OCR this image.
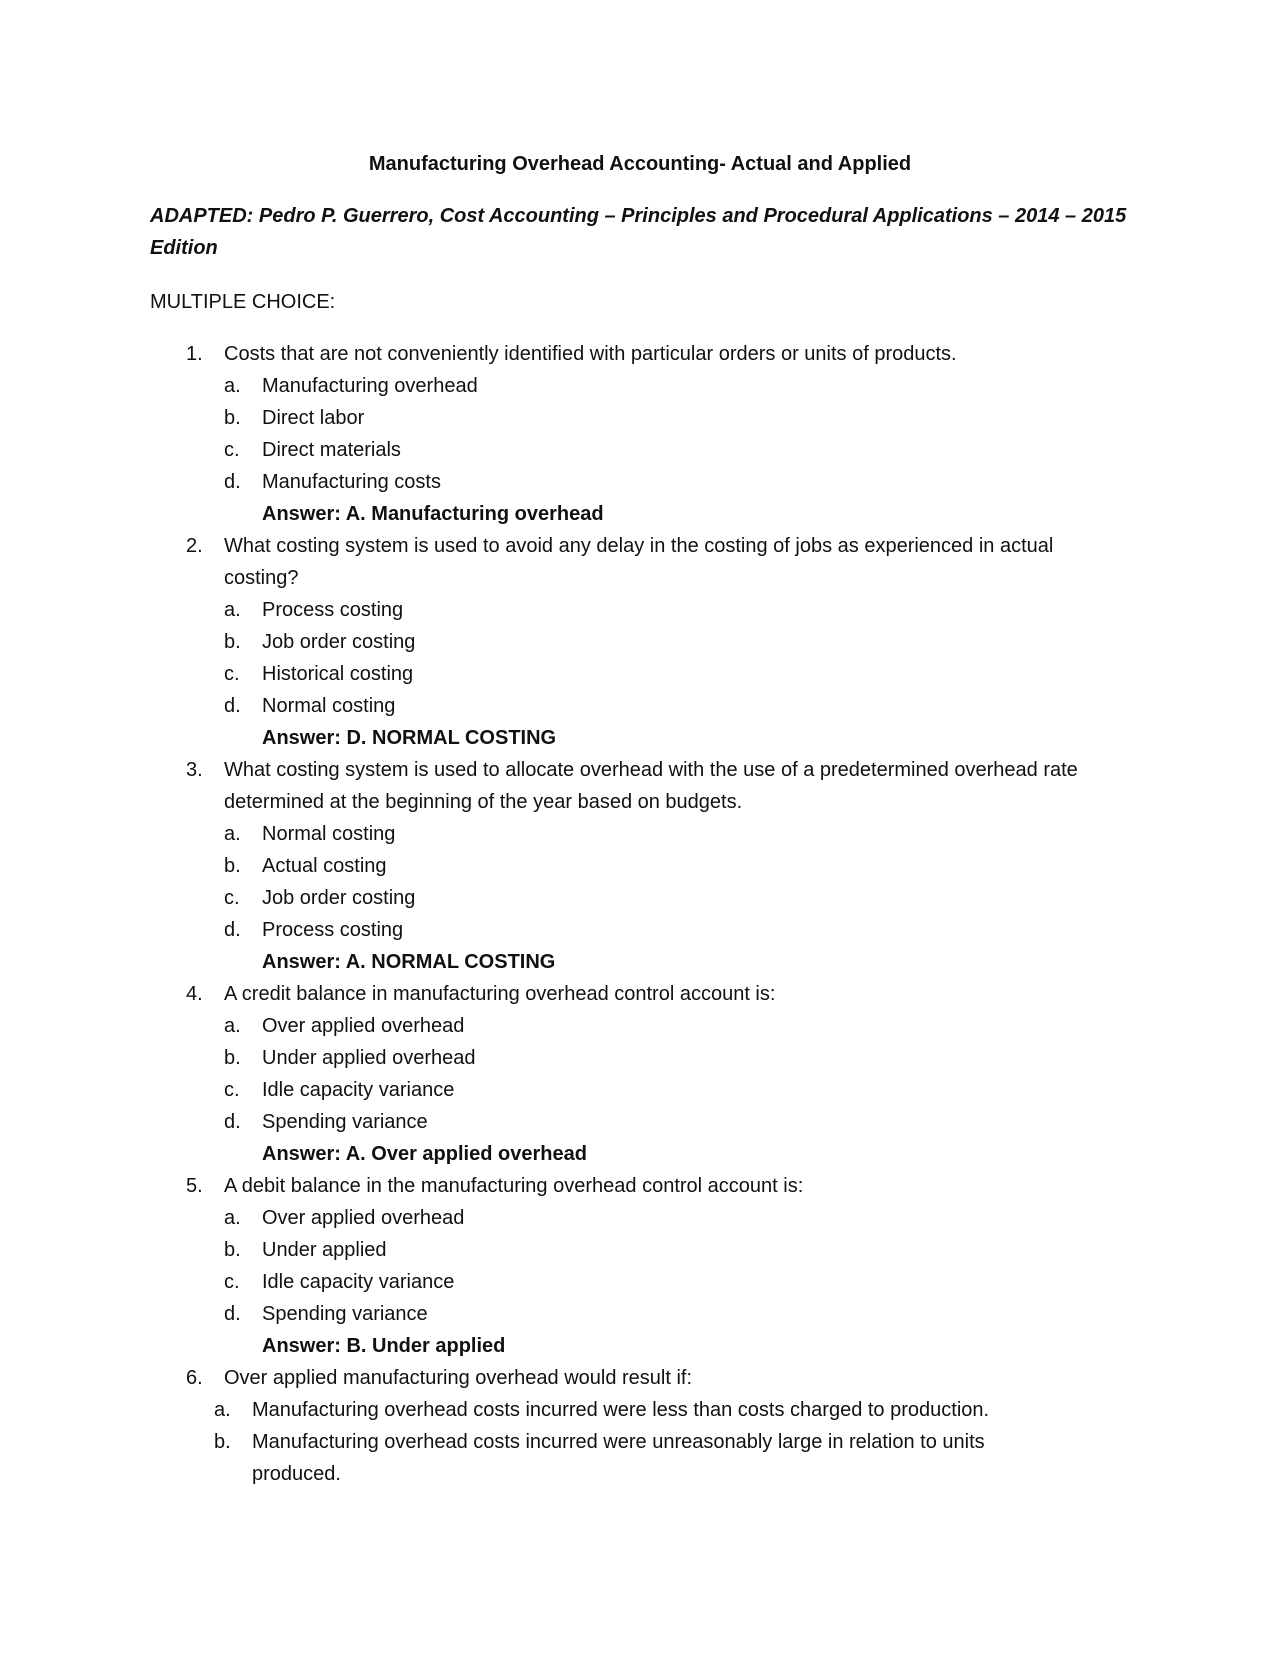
Manufacturing Overhead Accounting- Actual and Applied
ADAPTED: Pedro P. Guerrero, Cost Accounting – Principles and Procedural Applications – 2014 – 2015 Edition
MULTIPLE CHOICE:
1.	Costs that are not conveniently identified with particular orders or units of products.
a. Manufacturing overhead
b. Direct labor
c. Direct materials
d. Manufacturing costs
Answer: A. Manufacturing overhead
2.	What costing system is used to avoid any delay in the costing of jobs as experienced in actual costing?
a. Process costing
b. Job order costing
c. Historical costing
d. Normal costing
Answer: D. NORMAL COSTING
3.	What costing system is used to allocate overhead with the use of a predetermined overhead rate determined at the beginning of the year based on budgets.
a. Normal costing
b. Actual costing
c. Job order costing
d. Process costing
Answer: A. NORMAL COSTING
4.	A credit balance in manufacturing overhead control account is:
a. Over applied overhead
b. Under applied overhead
c. Idle capacity variance
d. Spending variance
Answer: A. Over applied overhead
5.	A debit balance in the manufacturing overhead control account is:
a. Over applied overhead
b. Under applied
c. Idle capacity variance
d. Spending variance
Answer: B. Under applied
6.	Over applied manufacturing overhead would result if:
a. Manufacturing overhead costs incurred were less than costs charged to production.
b. Manufacturing overhead costs incurred were unreasonably large in relation to units produced.
